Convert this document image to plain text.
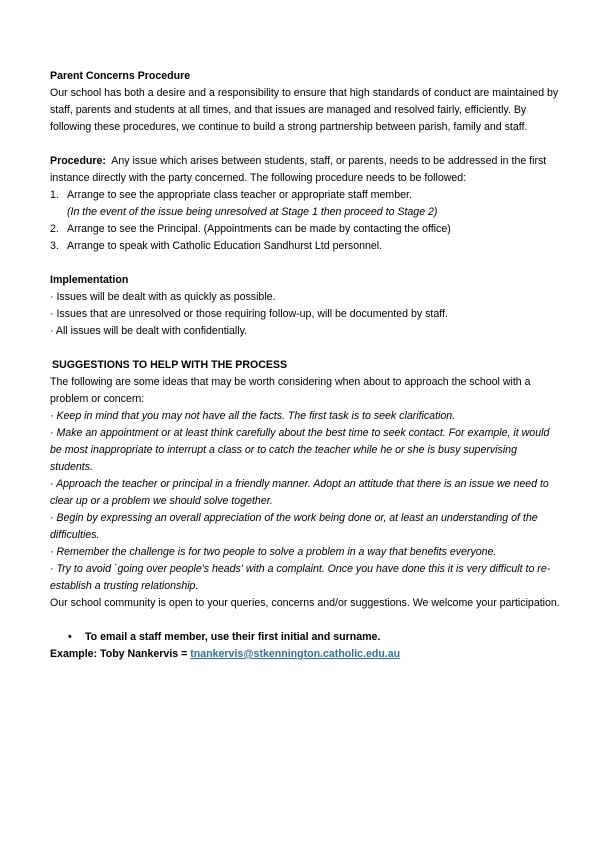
Parent Concerns Procedure

Our school has both a desire and a responsibility to ensure that high standards of conduct are maintained by staff, parents and students at all times, and that issues are managed and resolved fairly, efficiently. By following these procedures, we continue to build a strong partnership between parish, family and staff.

Procedure: Any issue which arises between students, staff, or parents, needs to be addressed in the first instance directly with the party concerned. The following procedure needs to be followed:

1. Arrange to see the appropriate class teacher or appropriate staff member.
(In the event of the issue being unresolved at Stage 1 then proceed to Stage 2)
2. Arrange to see the Principal. (Appointments can be made by contacting the office)
3. Arrange to speak with Catholic Education Sandhurst Ltd personnel.

Implementation

· Issues will be dealt with as quickly as possible.

· Issues that are unresolved or those requiring follow-up, will be documented by staff.

· All issues will be dealt with confidentially.

SUGGESTIONS TO HELP WITH THE PROCESS

The following are some ideas that may be worth considering when about to approach the school with a problem or concern:

· Keep in mind that you may not have all the facts. The first task is to seek clarification.

· Make an appointment or at least think carefully about the best time to seek contact. For example, it would be most inappropriate to interrupt a class or to catch the teacher while he or she is busy supervising students.

· Approach the teacher or principal in a friendly manner. Adopt an attitude that there is an issue we need to clear up or a problem we should solve together.

· Begin by expressing an overall appreciation of the work being done or, at least an understanding of the difficulties.

· Remember the challenge is for two people to solve a problem in a way that benefits everyone.

· Try to avoid `going over people's heads' with a complaint. Once you have done this it is very difficult to re-establish a trusting relationship.

Our school community is open to your queries, concerns and/or suggestions. We welcome your participation.

•	To email a staff member, use their first initial and surname.

Example: Toby Nankervis = tnankervis@stkennington.catholic.edu.au
